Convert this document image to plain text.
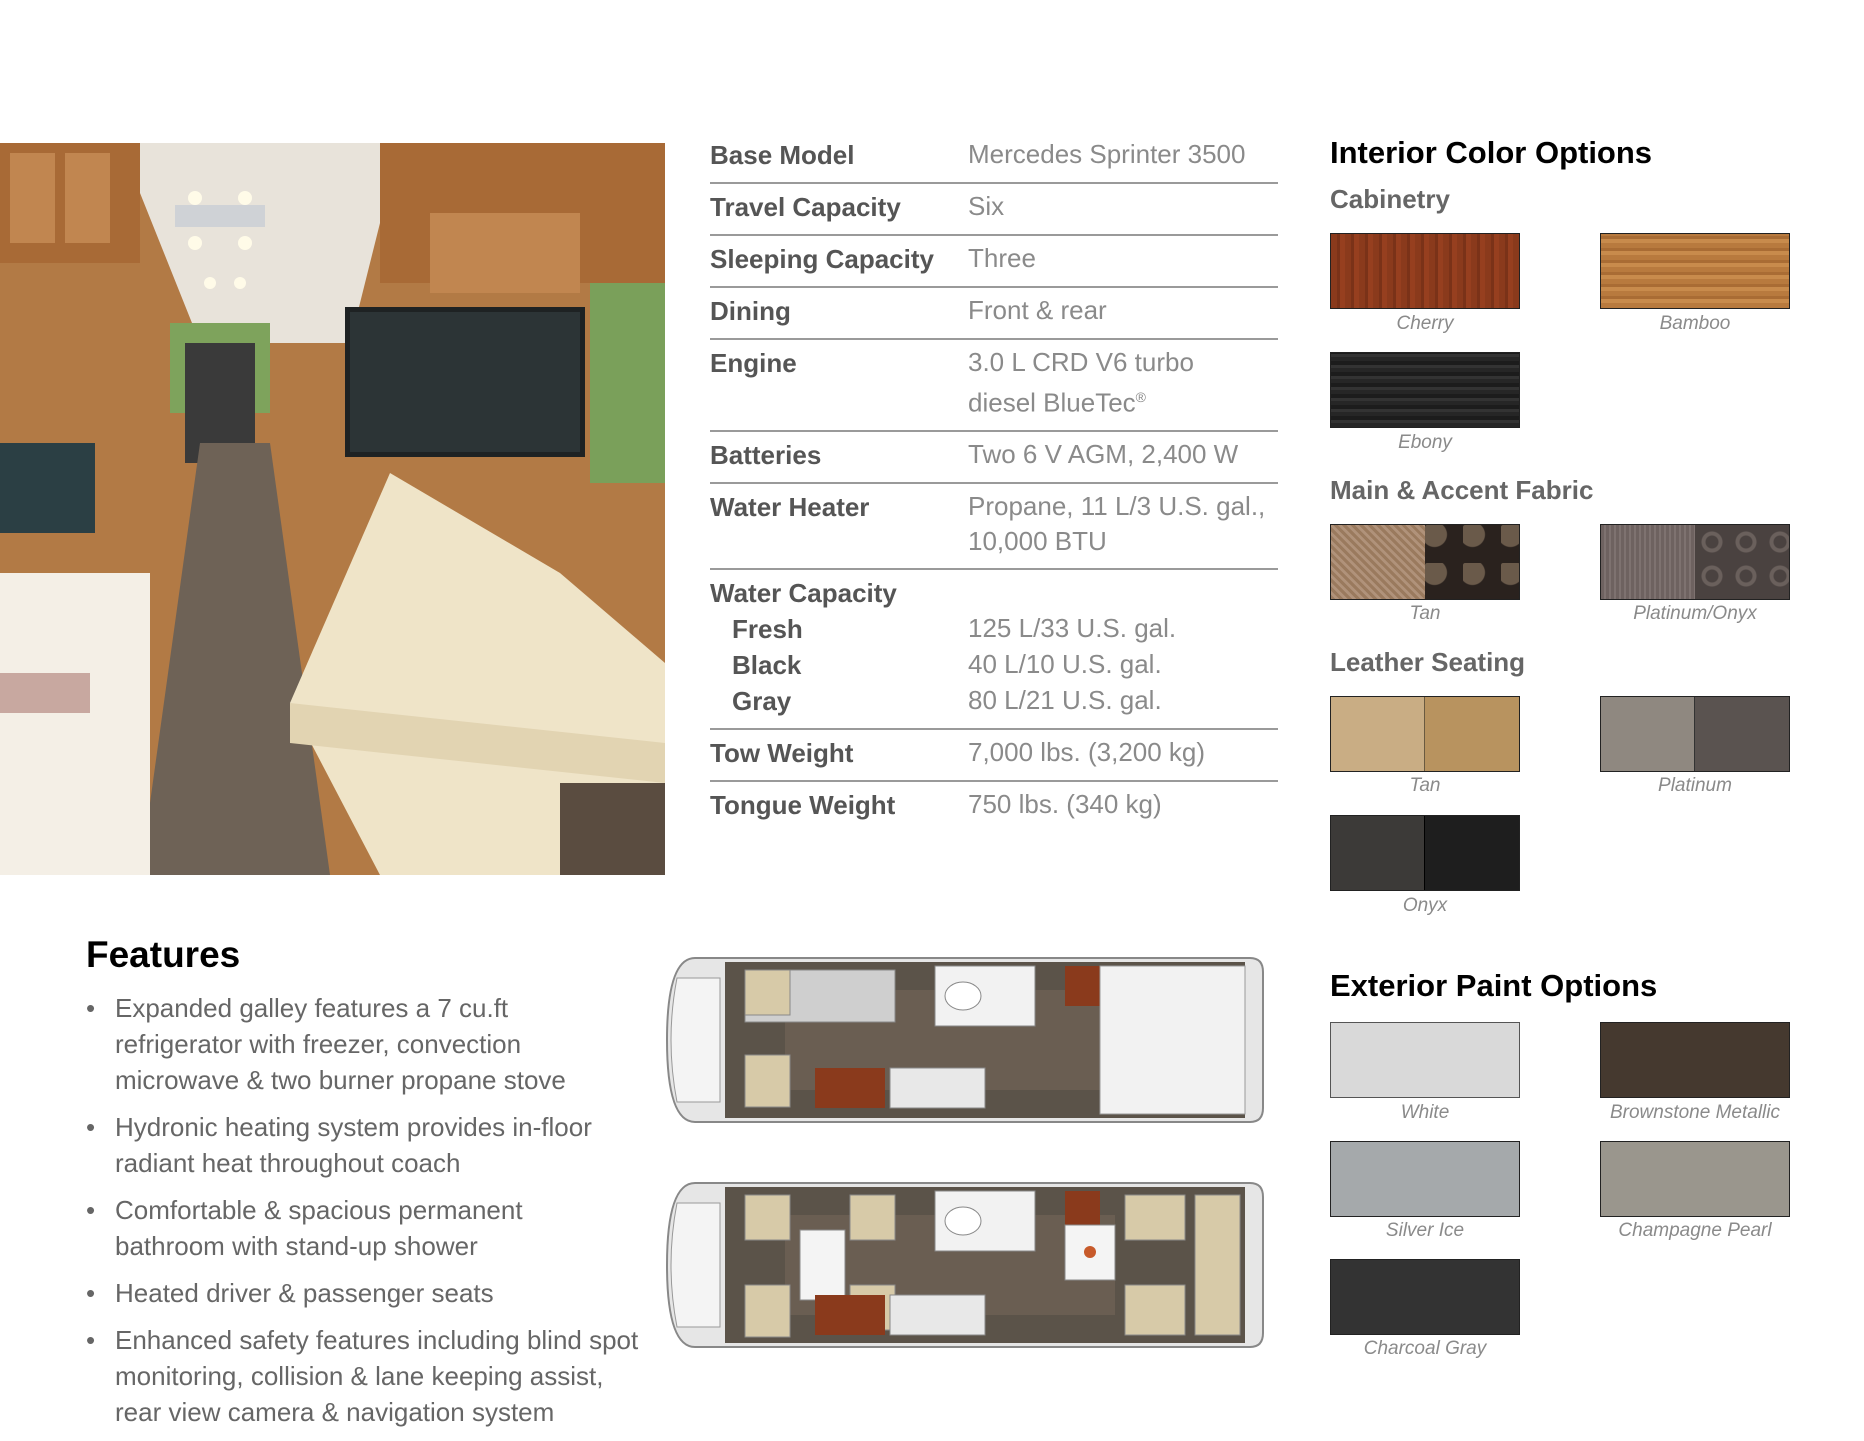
Base Model	Mercedes Sprinter 3500
Travel Capacity	Six
Sleeping Capacity	Three
Dining	Front & rear
Engine	3.0 L CRD V6 turbo
diesel BlueTec®
Batteries	Two 6 V AGM, 2,400 W
Water Heater	Propane, 11 L/3 U.S. gal.,
10,000 BTU
Water Capacity
Fresh	125 L/33 U.S. gal.
Black	40 L/10 U.S. gal.
Gray	80 L/21 U.S. gal.
Tow Weight	7,000 lbs. (3,200 kg)
Tongue Weight	750 lbs. (340 kg)
Interior Color Options
Cabinetry
Cherry	Bamboo
Ebony
Main & Accent Fabric
Tan	Platinum/Onyx
Leather Seating
Tan	Platinum
Onyx
Exterior Paint Options
White	Brownstone Metallic
Silver Ice	Champagne Pearl
Charcoal Gray
Features
• Expanded galley features a 7 cu.ft
refrigerator with freezer, convection
microwave & two burner propane stove
• Hydronic heating system provides in-floor
radiant heat throughout coach
• Comfortable & spacious permanent
bathroom with stand-up shower
• Heated driver & passenger seats
• Enhanced safety features including blind spot
monitoring, collision & lane keeping assist,
rear view camera & navigation system
